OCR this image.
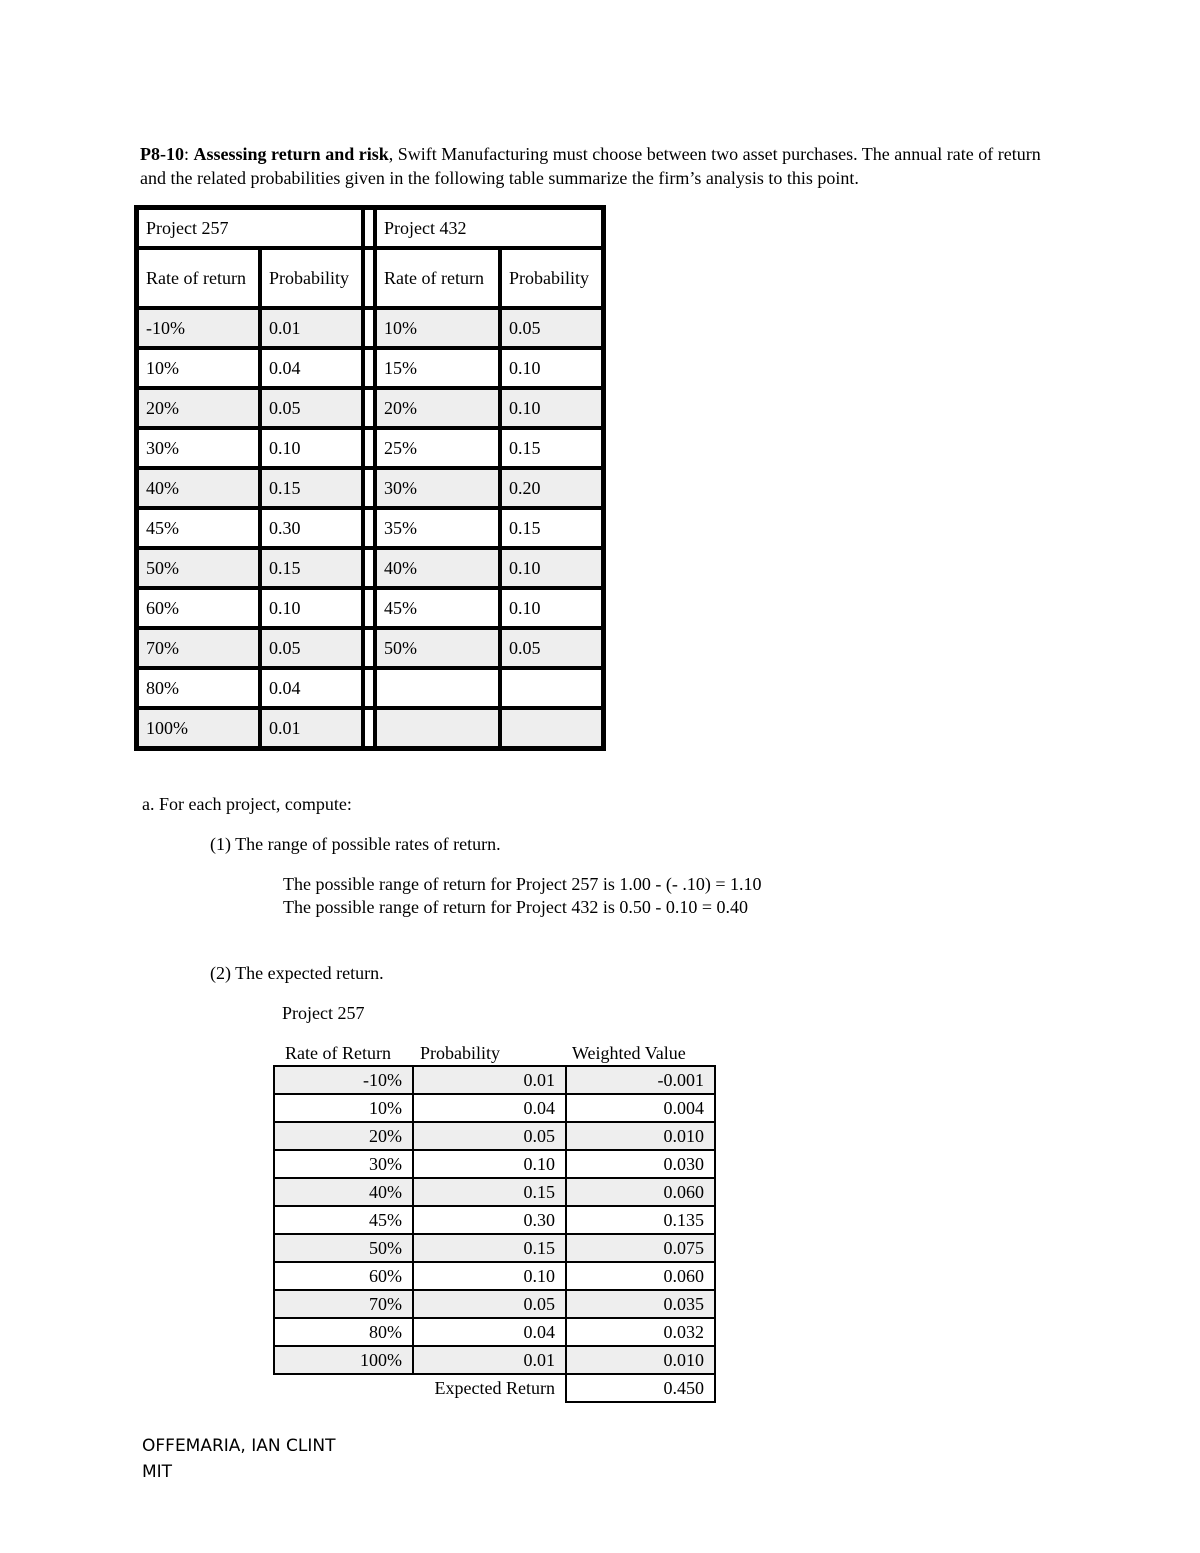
P8-10: Assessing return and risk, Swift Manufacturing must choose between two asset purchases. The annual rate of return and the related probabilities given in the following table summarize the firm’s analysis to this point.
Project 257			Project 432	
Rate of return	Probability		Rate of return	Probability
-10%	0.01		10%	0.05
10%	0.04		15%	0.10
20%	0.05		20%	0.10
30%	0.10		25%	0.15
40%	0.15		30%	0.20
45%	0.30		35%	0.15
50%	0.15		40%	0.10
60%	0.10		45%	0.10
70%	0.05		50%	0.05
80%	0.04			
100%	0.01			
a. For each project, compute:
(1) The range of possible rates of return.
The possible range of return for Project 257 is 1.00 - (- .10) = 1.10
The possible range of return for Project 432 is 0.50 - 0.10 = 0.40
(2) The expected return.
Project 257
Rate of Return Probability	Weighted Value
-10%	0.01	-0.001
10%	0.04	0.004
20%	0.05	0.010
30%	0.10	0.030
40%	0.15	0.060
45%	0.30	0.135
50%	0.15	0.075
60%	0.10	0.060
70%	0.05	0.035
80%	0.04	0.032
100%	0.01	0.010
	Expected Return	0.450
OFFEMARIA, IAN CLINT
MIT
